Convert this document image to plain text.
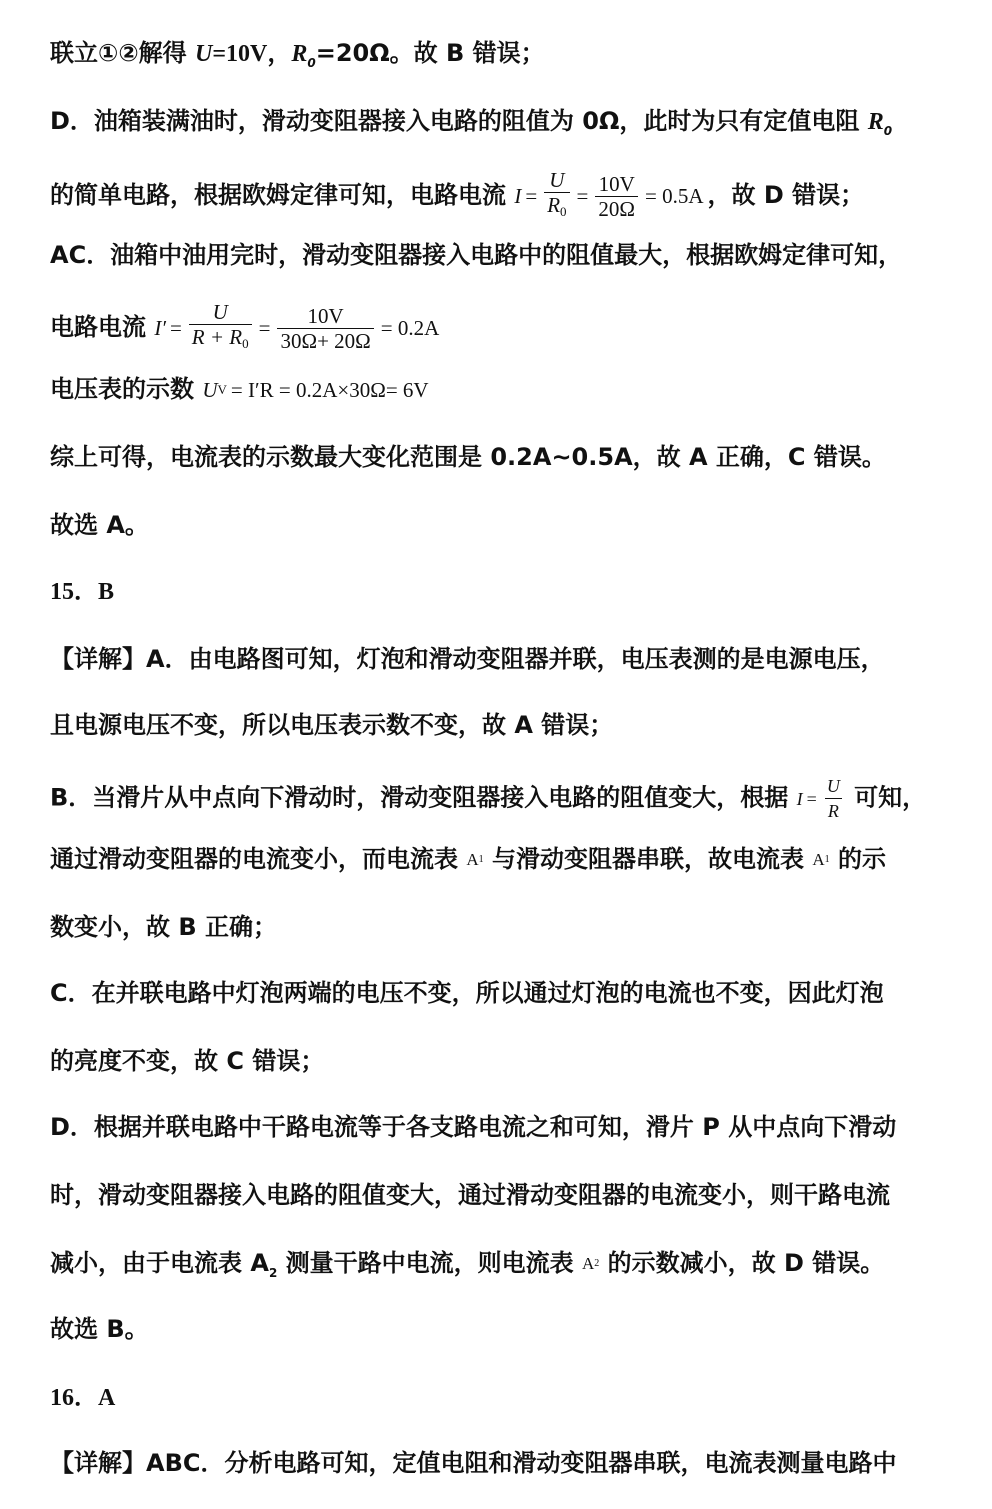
联立①②解得 U=10V，$R_0=20\Omega$。故 B 错误；
D．油箱装满油时，滑动变阻器接入电路的阻值为 0Ω，此时为只有定值电阻 $R_0$
的简单电路，根据欧姆定律可知，电路电流 $I = \frac{U}{R0} = \frac{10V}{20\Omega} = 0.5A$ ，故 D 错误；
AC．油箱中油用完时，滑动变阻器接入电路中的阻值最大，根据欧姆定律可知，
电路电流 $I' = \frac{U}{R + R0} = \frac{10V}{30\Omega+ 20\Omega} = 0.2A$
电压表的示数 U V = I′R = 0.2A×30Ω= 6V
综上可得，电流表的示数最大变化范围是 0.2A~0.5A，故 A 正确，C 错误。
故选 A。
15．B
【详解】A．由电路图可知，灯泡和滑动变阻器并联，电压表测的是电源电压，
且电源电压不变，所以电压表示数不变，故 A 错误；
B．当滑片从中点向下滑动时，滑动变阻器接入电路的阻值变大，根据 $I = \frac{U}{R}$ 可知，
通过滑动变阻器的电流变小，而电流表 A 1 与滑动变阻器串联，故电流表 A 1 的示
数变小，故 B 正确；
C．在并联电路中灯泡两端的电压不变，所以通过灯泡的电流也不变，因此灯泡
的亮度不变，故 C 错误；
D．根据并联电路中干路电流等于各支路电流之和可知，滑片 P 从中点向下滑动
时，滑动变阻器接入电路的阻值变大，通过滑动变阻器的电流变小，则干路电流
减小，由于电流表 $A_2$ 测量干路中电流，则电流表 A 2 的示数减小，故 D 错误。
故选 B。
16．A
【详解】ABC．分析电路可知，定值电阻和滑动变阻器串联，电流表测量电路中
